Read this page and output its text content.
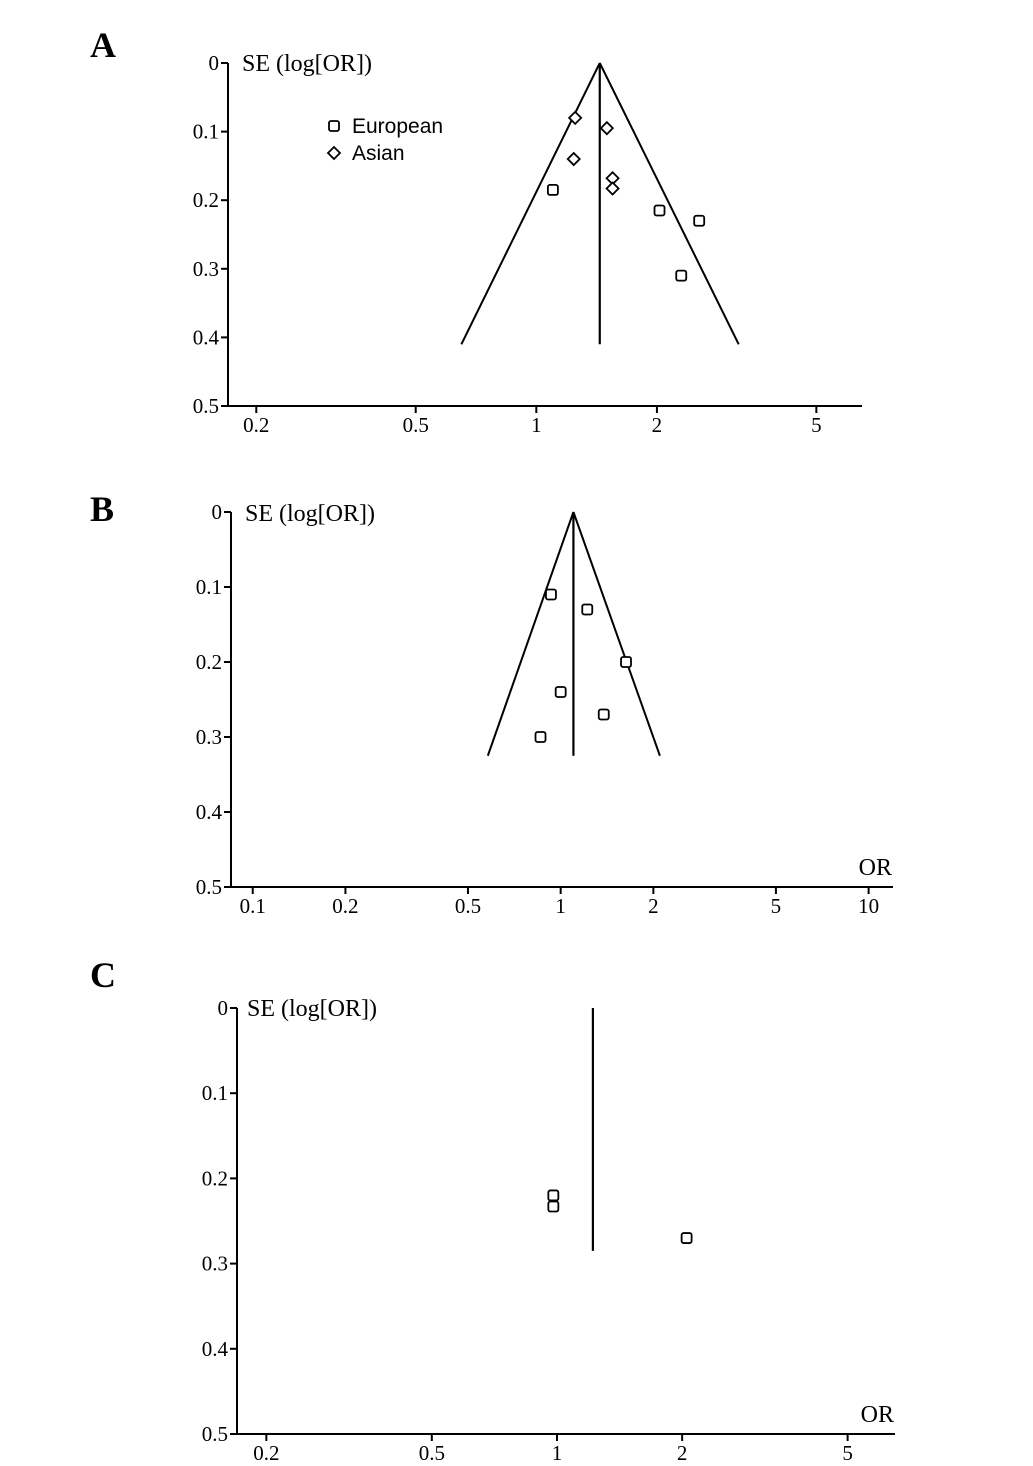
A	0
0.1
0.2
0.3
0.4
0.5
0.2	0.5	1	2	5
SE (log[OR])
European
Asian
B	0
0.1
0.2
0.3
0.4
0.5
0.1	0.2	0.5	1	2	5	10
SE (log[OR])
OR
C
0
0.1
0.2
0.3
0.4
0.5
0.2	0.5	1	2	5
SE (log[OR])
OR
